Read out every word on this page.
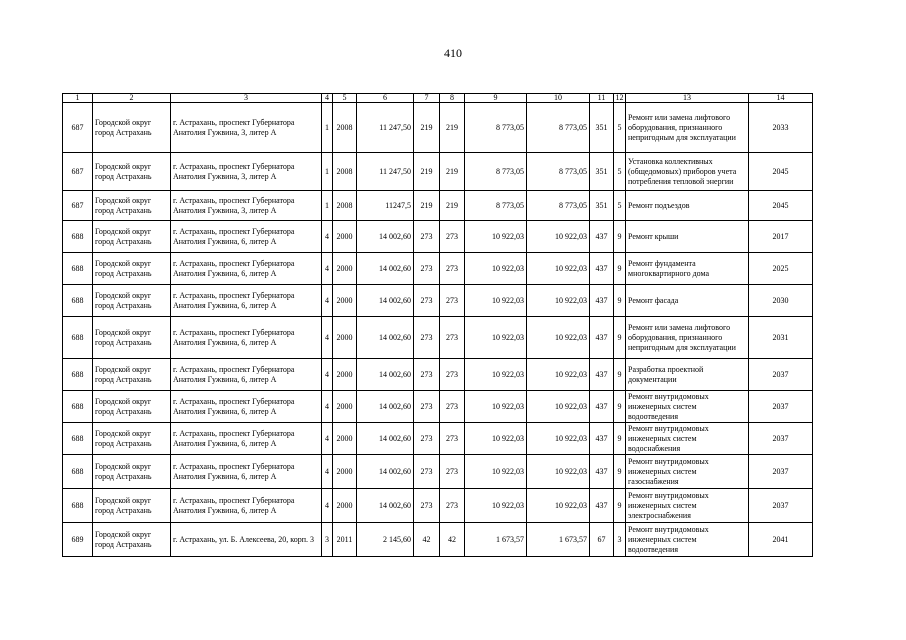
410
1	2	3	4	5	6	7	8	9	10	11	12	13	14
687	Городской округ город Астрахань	г. Астрахань, проспект Губернатора Анатолия Гужвина, 3, литер А	1	2008	11 247,50	219	219	8 773,05	8 773,05	351	5	Ремонт или замена лифтового оборудования, признанного непригодным для эксплуатации	2033
687	Городской округ город Астрахань	г. Астрахань, проспект Губернатора Анатолия Гужвина, 3, литер А	1	2008	11 247,50	219	219	8 773,05	8 773,05	351	5	Установка коллективных (общедомовых) приборов учета потребления тепловой энергии	2045
687	Городской округ город Астрахань	г. Астрахань, проспект Губернатора Анатолия Гужвина, 3, литер А	1	2008	11247,5	219	219	8 773,05	8 773,05	351	5	Ремонт подъездов	2045
688	Городской округ город Астрахань	г. Астрахань, проспект Губернатора Анатолия Гужвина, 6, литер А	4	2000	14 002,60	273	273	10 922,03	10 922,03	437	9	Ремонт крыши	2017
688	Городской округ город Астрахань	г. Астрахань, проспект Губернатора Анатолия Гужвина, 6, литер А	4	2000	14 002,60	273	273	10 922,03	10 922,03	437	9	Ремонт фундамента многоквартирного дома	2025
688	Городской округ город Астрахань	г. Астрахань, проспект Губернатора Анатолия Гужвина, 6, литер А	4	2000	14 002,60	273	273	10 922,03	10 922,03	437	9	Ремонт фасада	2030
688	Городской округ город Астрахань	г. Астрахань, проспект Губернатора Анатолия Гужвина, 6, литер А	4	2000	14 002,60	273	273	10 922,03	10 922,03	437	9	Ремонт или замена лифтового оборудования, признанного непригодным для эксплуатации	2031
688	Городской округ город Астрахань	г. Астрахань, проспект Губернатора Анатолия Гужвина, 6, литер А	4	2000	14 002,60	273	273	10 922,03	10 922,03	437	9	Разработка проектной документации	2037
688	Городской округ город Астрахань	г. Астрахань, проспект Губернатора Анатолия Гужвина, 6, литер А	4	2000	14 002,60	273	273	10 922,03	10 922,03	437	9	Ремонт внутридомовых инженерных систем водоотведения	2037
688	Городской округ город Астрахань	г. Астрахань, проспект Губернатора Анатолия Гужвина, 6, литер А	4	2000	14 002,60	273	273	10 922,03	10 922,03	437	9	Ремонт внутридомовых инженерных систем водоснабжения	2037
688	Городской округ город Астрахань	г. Астрахань, проспект Губернатора Анатолия Гужвина, 6, литер А	4	2000	14 002,60	273	273	10 922,03	10 922,03	437	9	Ремонт внутридомовых инженерных систем газоснабжения	2037
688	Городской округ город Астрахань	г. Астрахань, проспект Губернатора Анатолия Гужвина, 6, литер А	4	2000	14 002,60	273	273	10 922,03	10 922,03	437	9	Ремонт внутридомовых инженерных систем электроснабжения	2037
689	Городской округ город Астрахань	г. Астрахань, ул. Б. Алексеева, 20, корп. 3	3	2011	2 145,60	42	42	1 673,57	1 673,57	67	3	Ремонт внутридомовых инженерных систем водоотведения	2041
